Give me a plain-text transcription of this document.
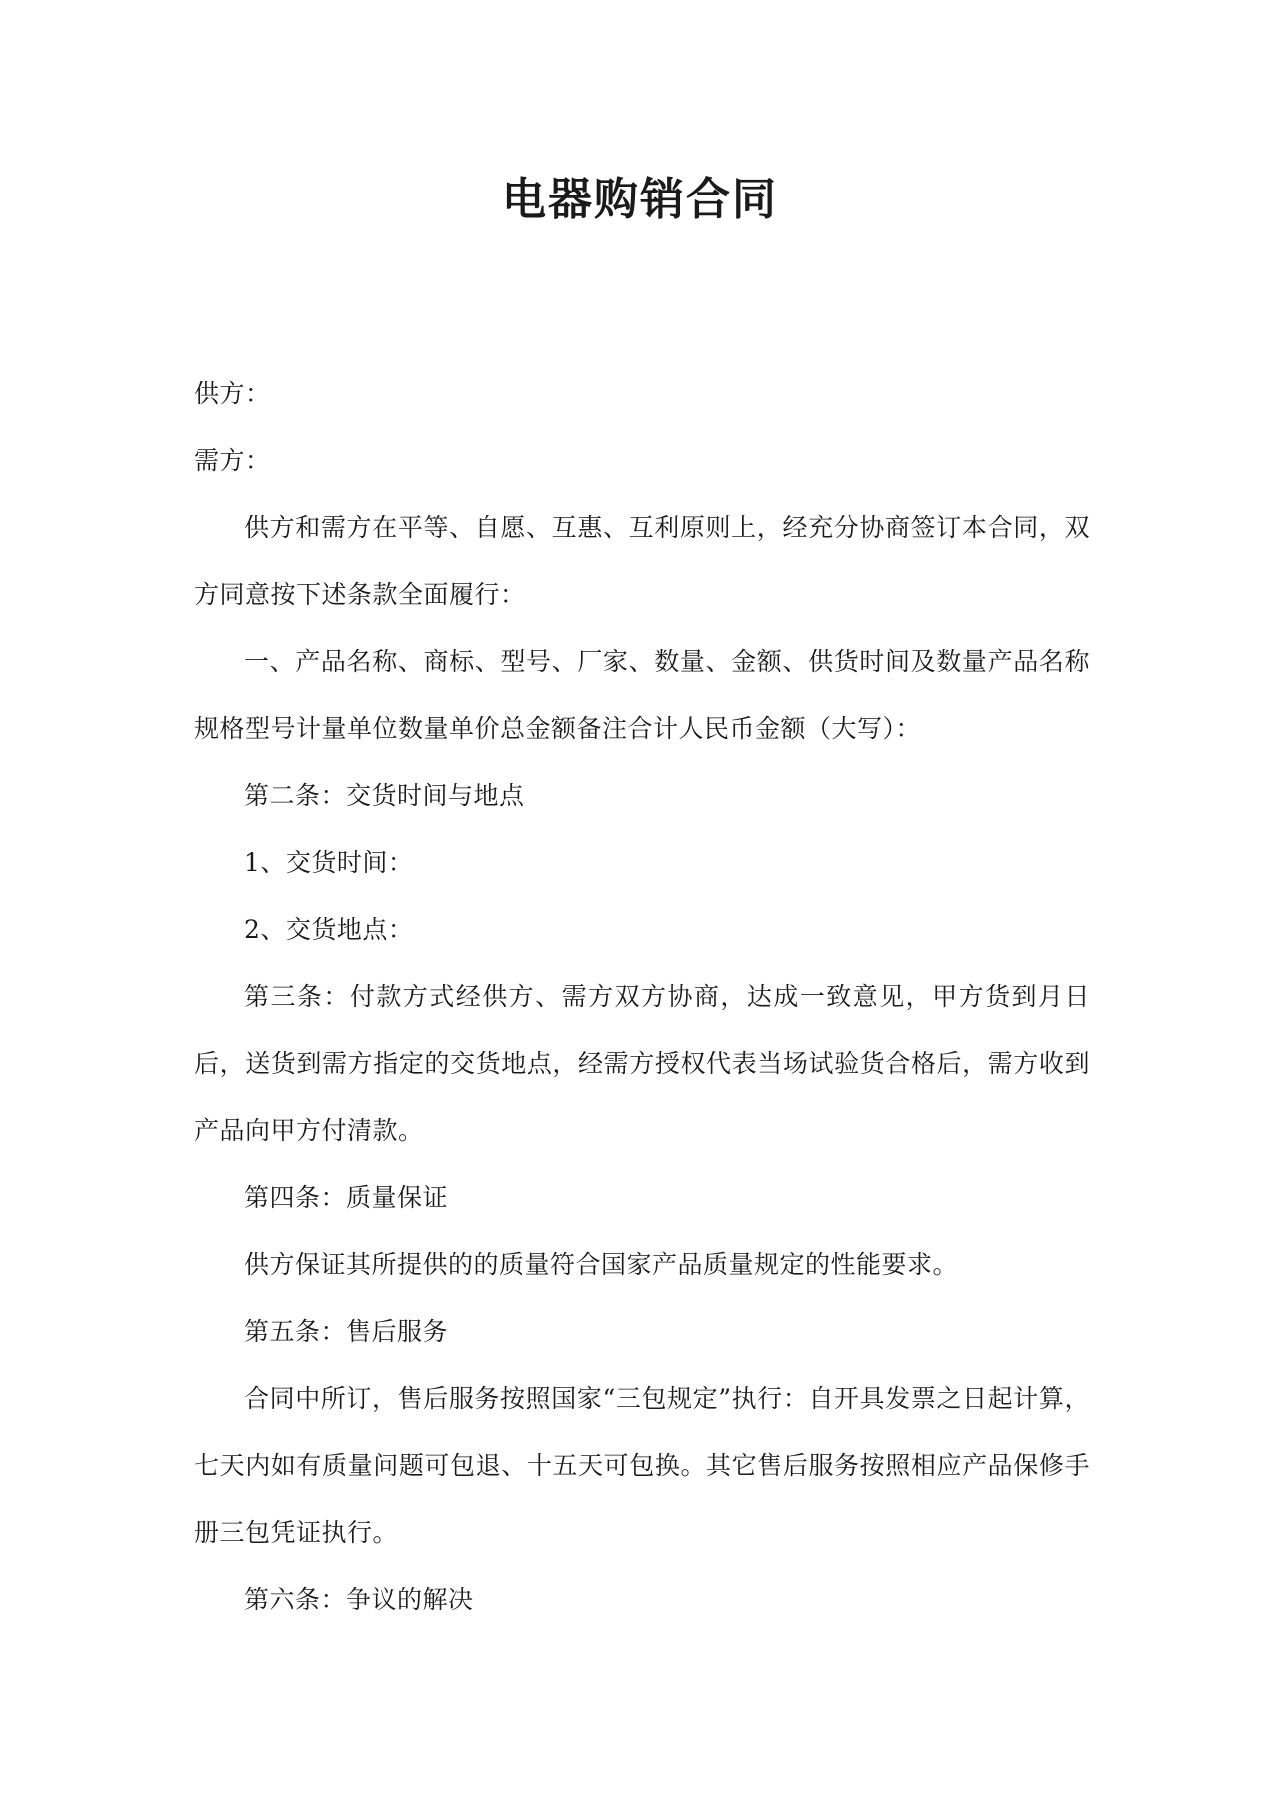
电器购销合同

供方：

需方：

供方和需方在平等、自愿、互惠、互利原则上，经充分协商签订本合同，双方同意按下述条款全面履行：

一、产品名称、商标、型号、厂家、数量、金额、供货时间及数量产品名称规格型号计量单位数量单价总金额备注合计人民币金额（大写）：

第二条：交货时间与地点

1、交货时间：

2、交货地点：

第三条：付款方式经供方、需方双方协商，达成一致意见，甲方货到月日后，送货到需方指定的交货地点，经需方授权代表当场试验货合格后，需方收到产品向甲方付清款。

第四条：质量保证

供方保证其所提供的的质量符合国家产品质量规定的性能要求。

第五条：售后服务

合同中所订，售后服务按照国家“三包规定”执行：自开具发票之日起计算，七天内如有质量问题可包退、十五天可包换。其它售后服务按照相应产品保修手册三包凭证执行。

第六条：争议的解决
